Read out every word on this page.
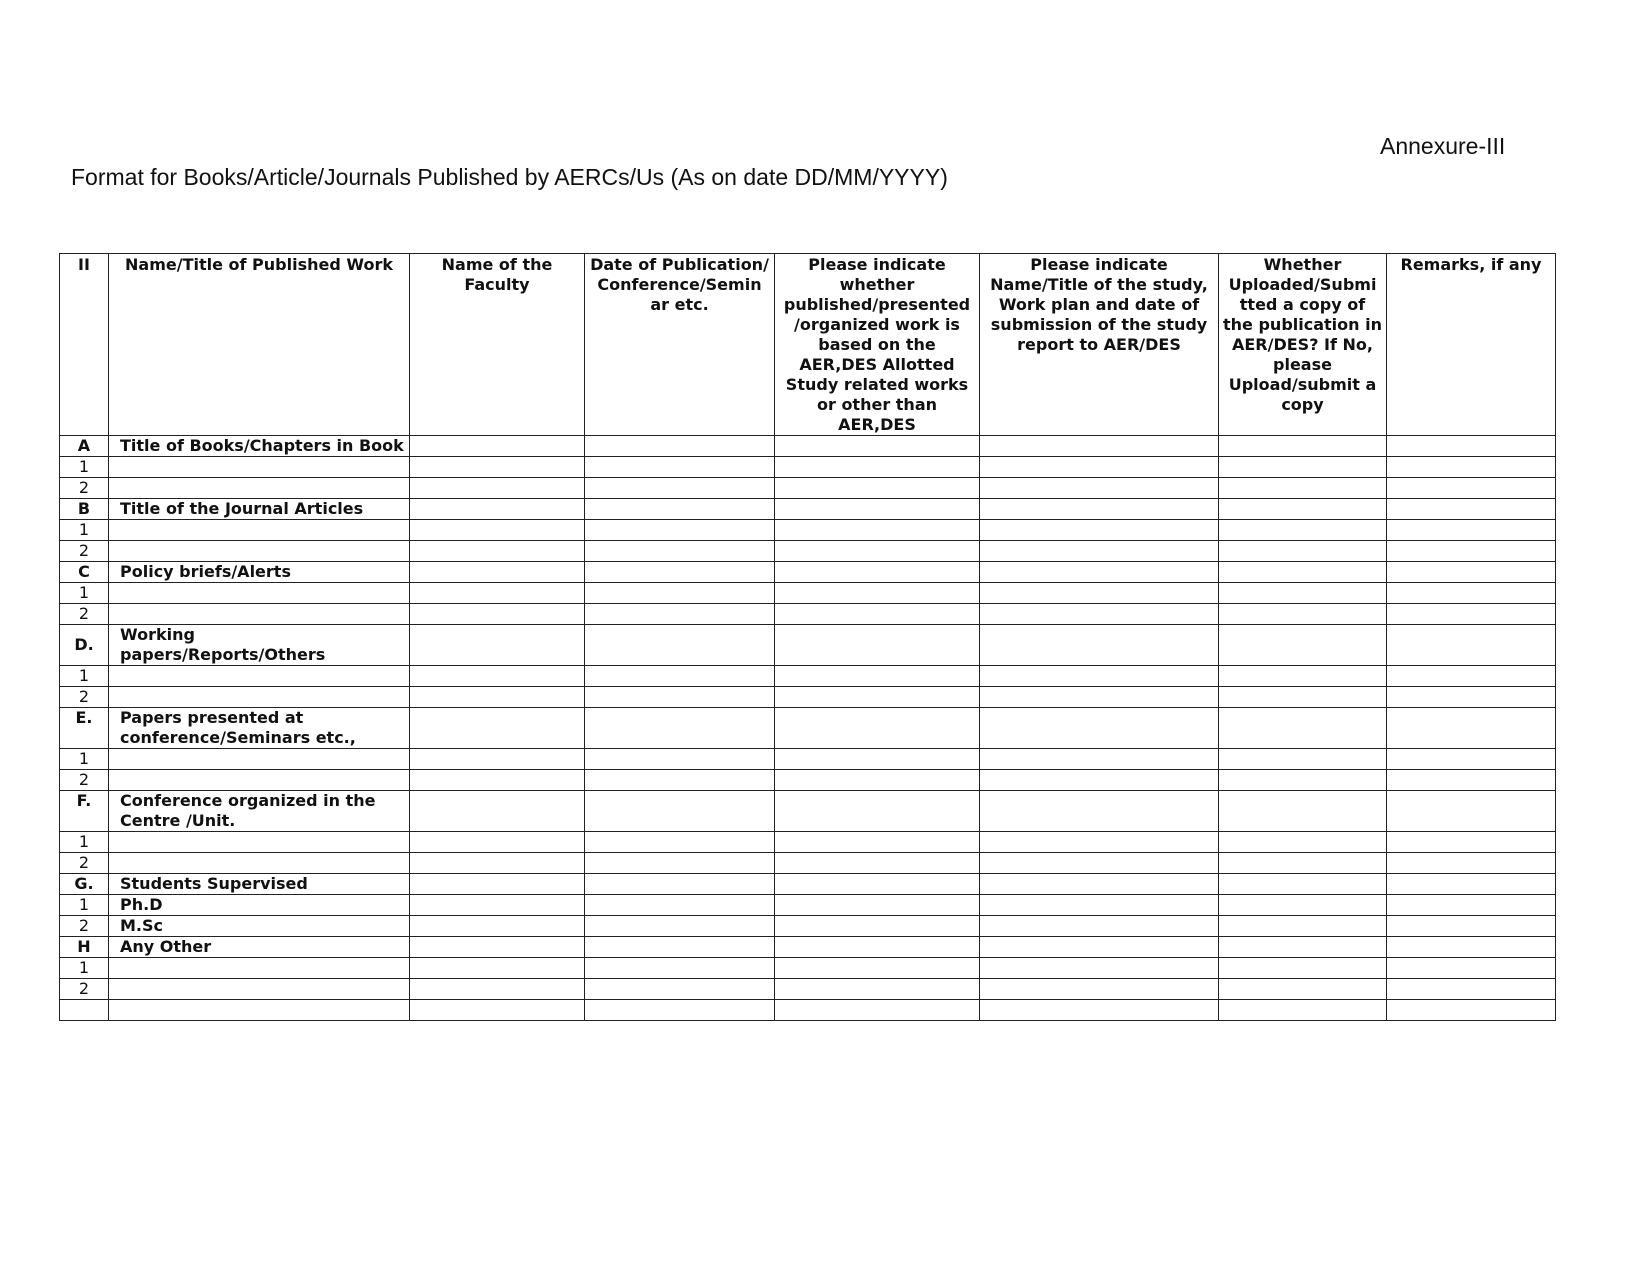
Annexure-III
Format for Books/Article/Journals Published by AERCs/Us (As on date DD/MM/YYYY)
II	Name/Title of Published Work	Name of the Faculty	Date of Publication/ Conference/Semin ar etc.	Please indicate whether published/presented /organized work is based on the AER,DES Allotted Study related works or other than AER,DES	Please indicate Name/Title of the study, Work plan and date of submission of the study report to AER/DES	Whether Uploaded/Submi tted a copy of the publication in AER/DES? If No, please Upload/submit a copy	Remarks, if any
A	Title of Books/Chapters in Book						
1							
2							
B	Title of the Journal Articles						
1							
2							
C	Policy briefs/Alerts						
1							
2							
D.	Working papers/Reports/Others						
1							
2							
E.	Papers presented at conference/Seminars etc.,						
1							
2							
F.	Conference organized in the Centre /Unit.						
1							
2							
G.	Students Supervised						
1	Ph.D						
2	M.Sc						
H	Any Other						
1							
2							
